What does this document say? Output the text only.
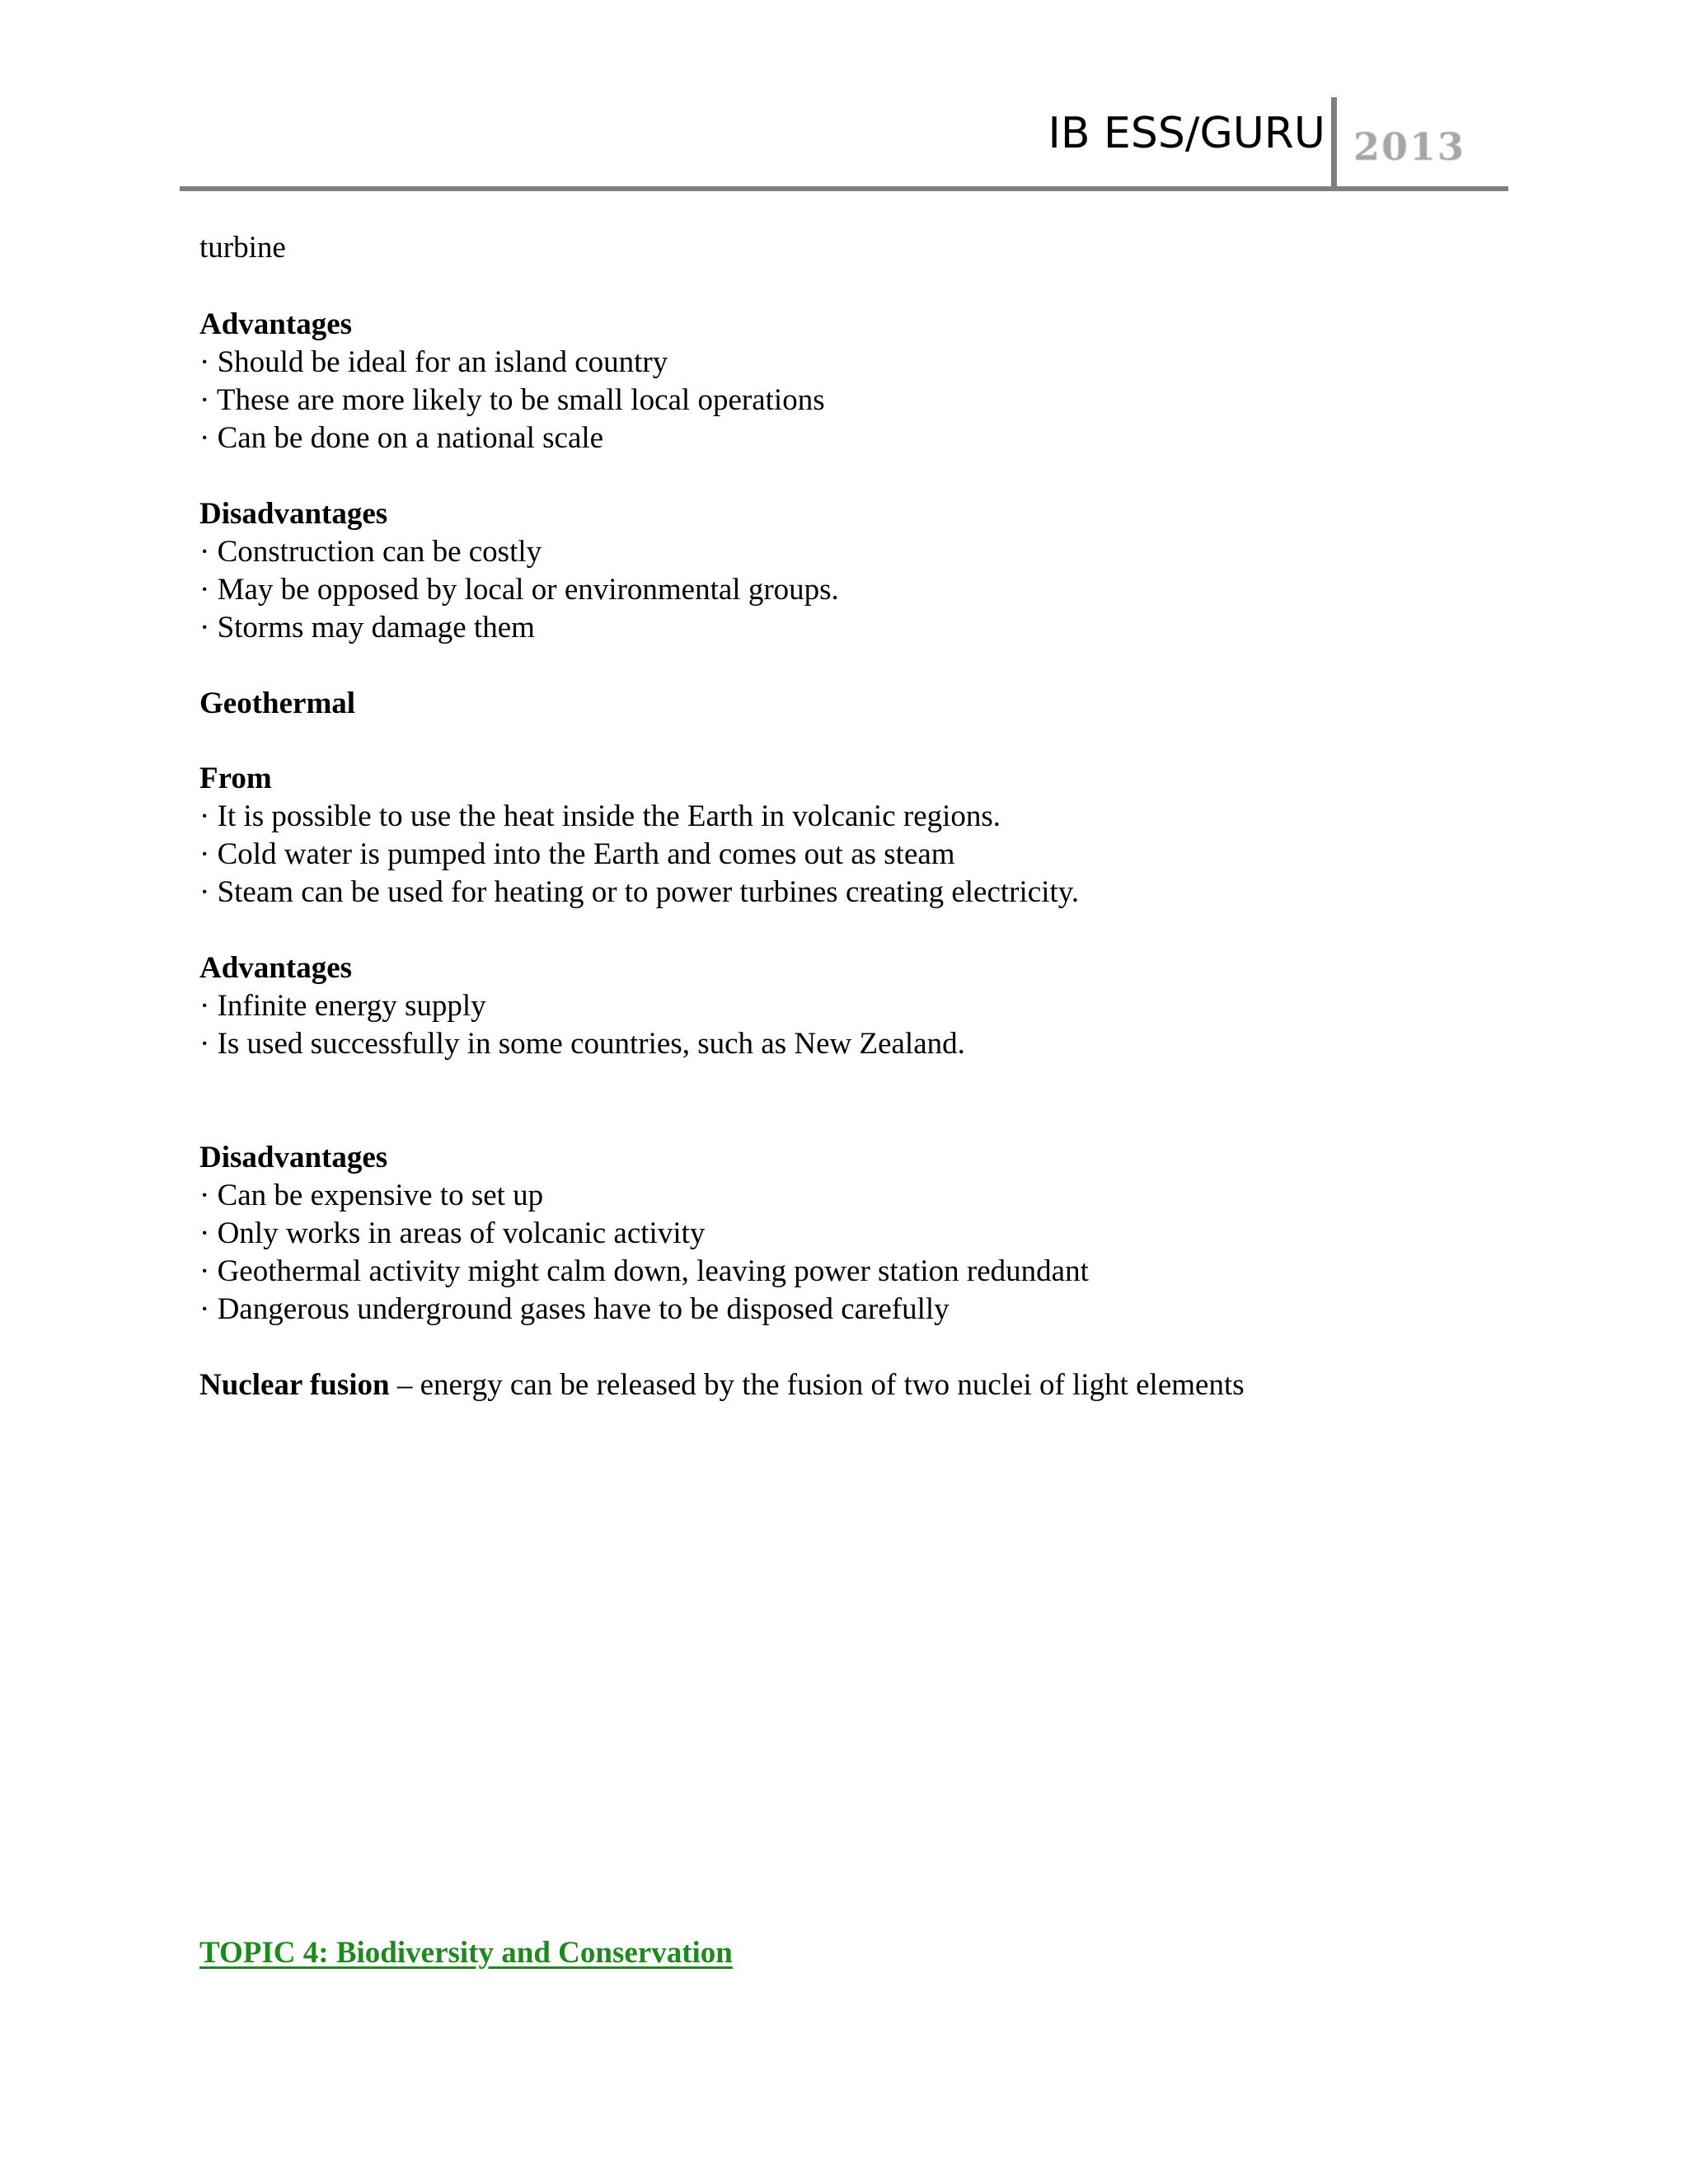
IB ESS/GURU 2013
turbine
Advantages
· Should be ideal for an island country
· These are more likely to be small local operations
· Can be done on a national scale
Disadvantages
· Construction can be costly
· May be opposed by local or environmental groups.
· Storms may damage them
Geothermal
From
· It is possible to use the heat inside the Earth in volcanic regions.
· Cold water is pumped into the Earth and comes out as steam
· Steam can be used for heating or to power turbines creating electricity.
Advantages
· Infinite energy supply
· Is used successfully in some countries, such as New Zealand.
Disadvantages
· Can be expensive to set up
· Only works in areas of volcanic activity
· Geothermal activity might calm down, leaving power station redundant
· Dangerous underground gases have to be disposed carefully
Nuclear fusion – energy can be released by the fusion of two nuclei of light elements
TOPIC 4: Biodiversity and Conservation
